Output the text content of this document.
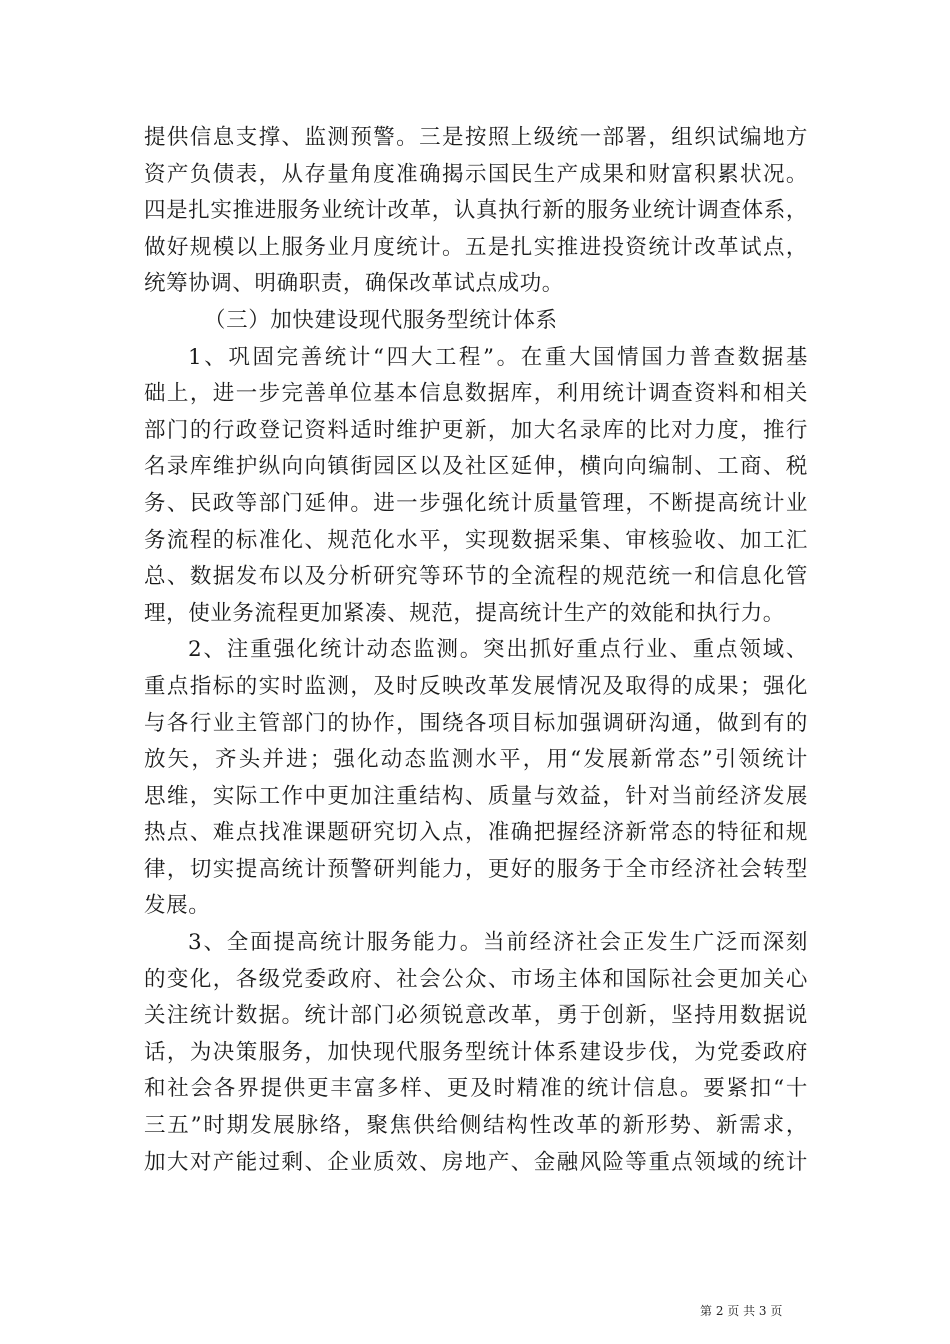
提供信息支撑、监测预警。三是按照上级统一部署，组织试编地方
资产负债表，从存量角度准确揭示国民生产成果和财富积累状况。
四是扎实推进服务业统计改革，认真执行新的服务业统计调查体系，
做好规模以上服务业月度统计。五是扎实推进投资统计改革试点，
统筹协调、明确职责，确保改革试点成功。
（三）加快建设现代服务型统计体系
1、巩固完善统计“四大工程”。在重大国情国力普查数据基
础上，进一步完善单位基本信息数据库，利用统计调查资料和相关
部门的行政登记资料适时维护更新，加大名录库的比对力度，推行
名录库维护纵向向镇街园区以及社区延伸，横向向编制、工商、税
务、民政等部门延伸。进一步强化统计质量管理，不断提高统计业
务流程的标准化、规范化水平，实现数据采集、审核验收、加工汇
总、数据发布以及分析研究等环节的全流程的规范统一和信息化管
理，使业务流程更加紧凑、规范，提高统计生产的效能和执行力。
2、注重强化统计动态监测。突出抓好重点行业、重点领域、
重点指标的实时监测，及时反映改革发展情况及取得的成果；强化
与各行业主管部门的协作，围绕各项目标加强调研沟通，做到有的
放矢，齐头并进；强化动态监测水平，用“发展新常态”引领统计
思维，实际工作中更加注重结构、质量与效益，针对当前经济发展
热点、难点找准课题研究切入点，准确把握经济新常态的特征和规
律，切实提高统计预警研判能力，更好的服务于全市经济社会转型
发展。
3、全面提高统计服务能力。当前经济社会正发生广泛而深刻
的变化，各级党委政府、社会公众、市场主体和国际社会更加关心
关注统计数据。统计部门必须锐意改革，勇于创新，坚持用数据说
话，为决策服务，加快现代服务型统计体系建设步伐，为党委政府
和社会各界提供更丰富多样、更及时精准的统计信息。要紧扣“十
三五”时期发展脉络，聚焦供给侧结构性改革的新形势、新需求，
加大对产能过剩、企业质效、房地产、金融风险等重点领域的统计
第 2 页 共 3 页
